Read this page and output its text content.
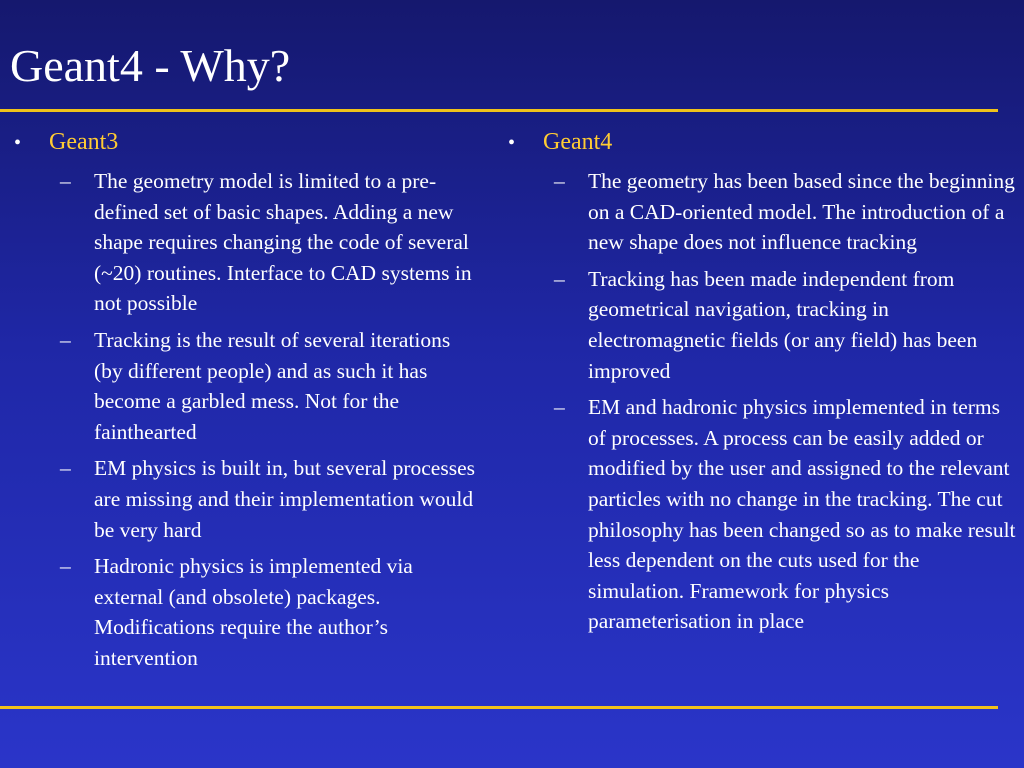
Geant4 - Why?
•	Geant3
–	The geometry model is limited to a pre-defined set of basic shapes. Adding a new shape requires changing the code of several (~20) routines. Interface to CAD systems in not possible
–	Tracking is the result of several iterations (by different people) and as such it has become a garbled mess. Not for the fainthearted
–	EM physics is built in, but several processes are missing and their implementation would be very hard
–	Hadronic physics is implemented via external (and obsolete) packages. Modifications require the author’s intervention
•	Geant4
–	The geometry has been based since the beginning on a CAD-oriented model. The introduction of a new shape does not influence tracking
–	Tracking has been made independent from geometrical navigation, tracking in electromagnetic fields (or any field) has been improved
–	EM and hadronic physics implemented in terms of processes. A process can be easily added or modified by the user and assigned to the relevant particles with no change in the tracking. The cut philosophy has been changed so as to make result less dependent on the cuts used for the simulation. Framework for physics parameterisation in place
